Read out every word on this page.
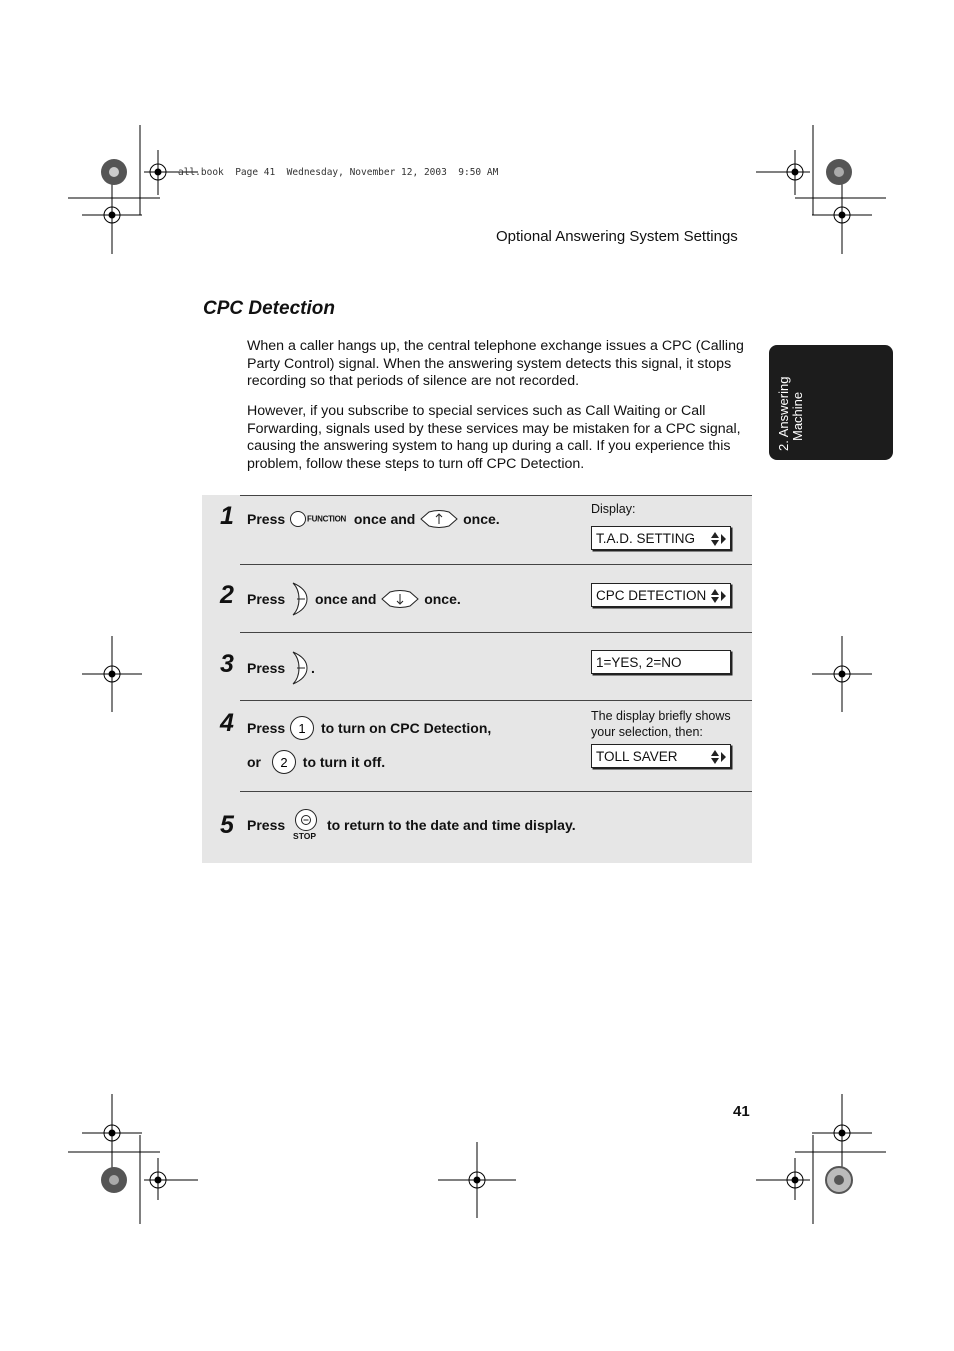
all.book  Page 41  Wednesday, November 12, 2003  9:50 AM
Optional Answering System Settings
2. Answering Machine
CPC Detection
When a caller hangs up, the central telephone exchange issues a CPC (Calling Party Control) signal. When the answering system detects this signal, it stops recording so that periods of silence are not recorded.
However, if you subscribe to special services such as Call Waiting or Call Forwarding, signals used by these services may be mistaken for a CPC signal, causing the answering system to hang up during a call. If you experience this problem, follow these steps to turn off CPC Detection.
1 Press	FUNCTION once and	once.
Display:
T.A.D. SETTING
2 Press once and	once.	CPC DETECTION
3 Press .	1=YES, 2=NO
4 Press 1 to turn on CPC Detection,
or 2 to turn it off.
The display briefly shows your selection, then:
TOLL SAVER
5 Press
STOP
to return to the date and time display.
41
